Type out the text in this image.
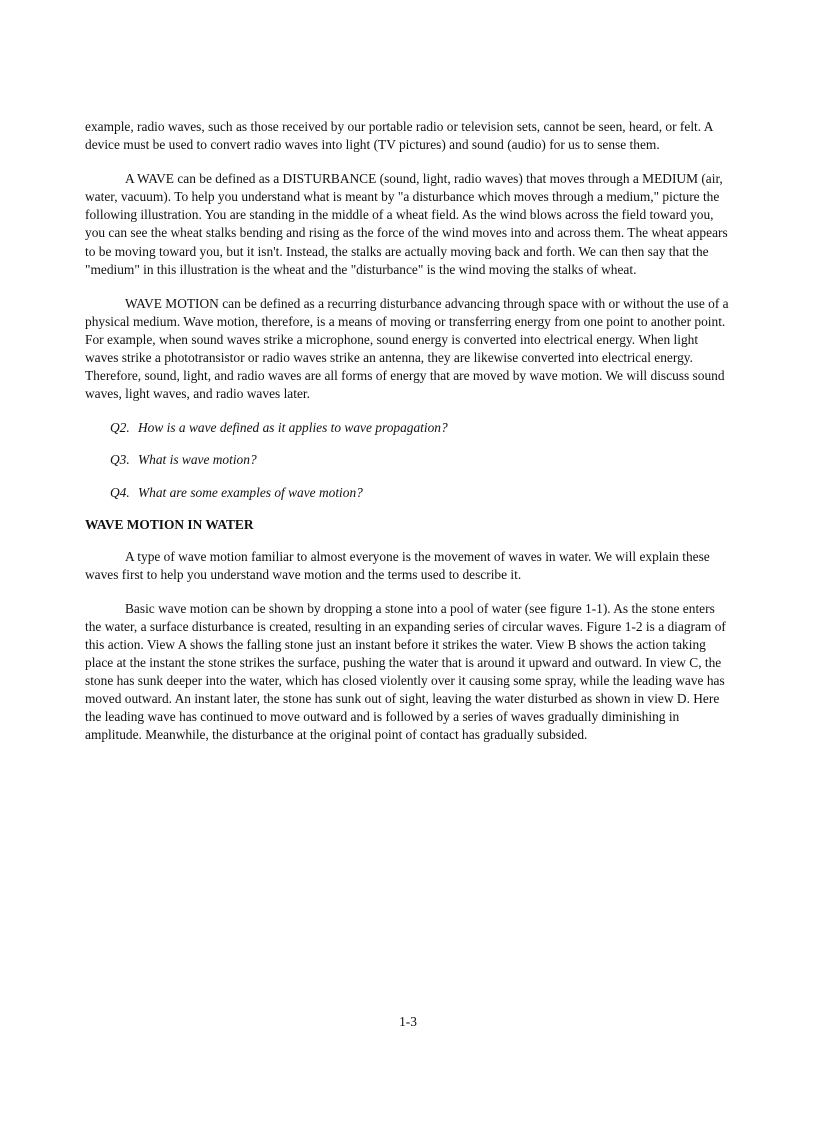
example, radio waves, such as those received by our portable radio or television sets, cannot be seen, heard, or felt. A device must be used to convert radio waves into light (TV pictures) and sound (audio) for us to sense them.

A WAVE can be defined as a DISTURBANCE (sound, light, radio waves) that moves through a MEDIUM (air, water, vacuum). To help you understand what is meant by "a disturbance which moves through a medium," picture the following illustration. You are standing in the middle of a wheat field. As the wind blows across the field toward you, you can see the wheat stalks bending and rising as the force of the wind moves into and across them. The wheat appears to be moving toward you, but it isn't. Instead, the stalks are actually moving back and forth. We can then say that the "medium" in this illustration is the wheat and the "disturbance" is the wind moving the stalks of wheat.

WAVE MOTION can be defined as a recurring disturbance advancing through space with or without the use of a physical medium. Wave motion, therefore, is a means of moving or transferring energy from one point to another point. For example, when sound waves strike a microphone, sound energy is converted into electrical energy. When light waves strike a phototransistor or radio waves strike an antenna, they are likewise converted into electrical energy. Therefore, sound, light, and radio waves are all forms of energy that are moved by wave motion. We will discuss sound waves, light waves, and radio waves later.

Q2. How is a wave defined as it applies to wave propagation?

Q3. What is wave motion?

Q4. What are some examples of wave motion?

WAVE MOTION IN WATER

A type of wave motion familiar to almost everyone is the movement of waves in water. We will explain these waves first to help you understand wave motion and the terms used to describe it.

Basic wave motion can be shown by dropping a stone into a pool of water (see figure 1-1). As the stone enters the water, a surface disturbance is created, resulting in an expanding series of circular waves. Figure 1-2 is a diagram of this action. View A shows the falling stone just an instant before it strikes the water. View B shows the action taking place at the instant the stone strikes the surface, pushing the water that is around it upward and outward. In view C, the stone has sunk deeper into the water, which has closed violently over it causing some spray, while the leading wave has moved outward. An instant later, the stone has sunk out of sight, leaving the water disturbed as shown in view D. Here the leading wave has continued to move outward and is followed by a series of waves gradually diminishing in amplitude. Meanwhile, the disturbance at the original point of contact has gradually subsided.

1-3
